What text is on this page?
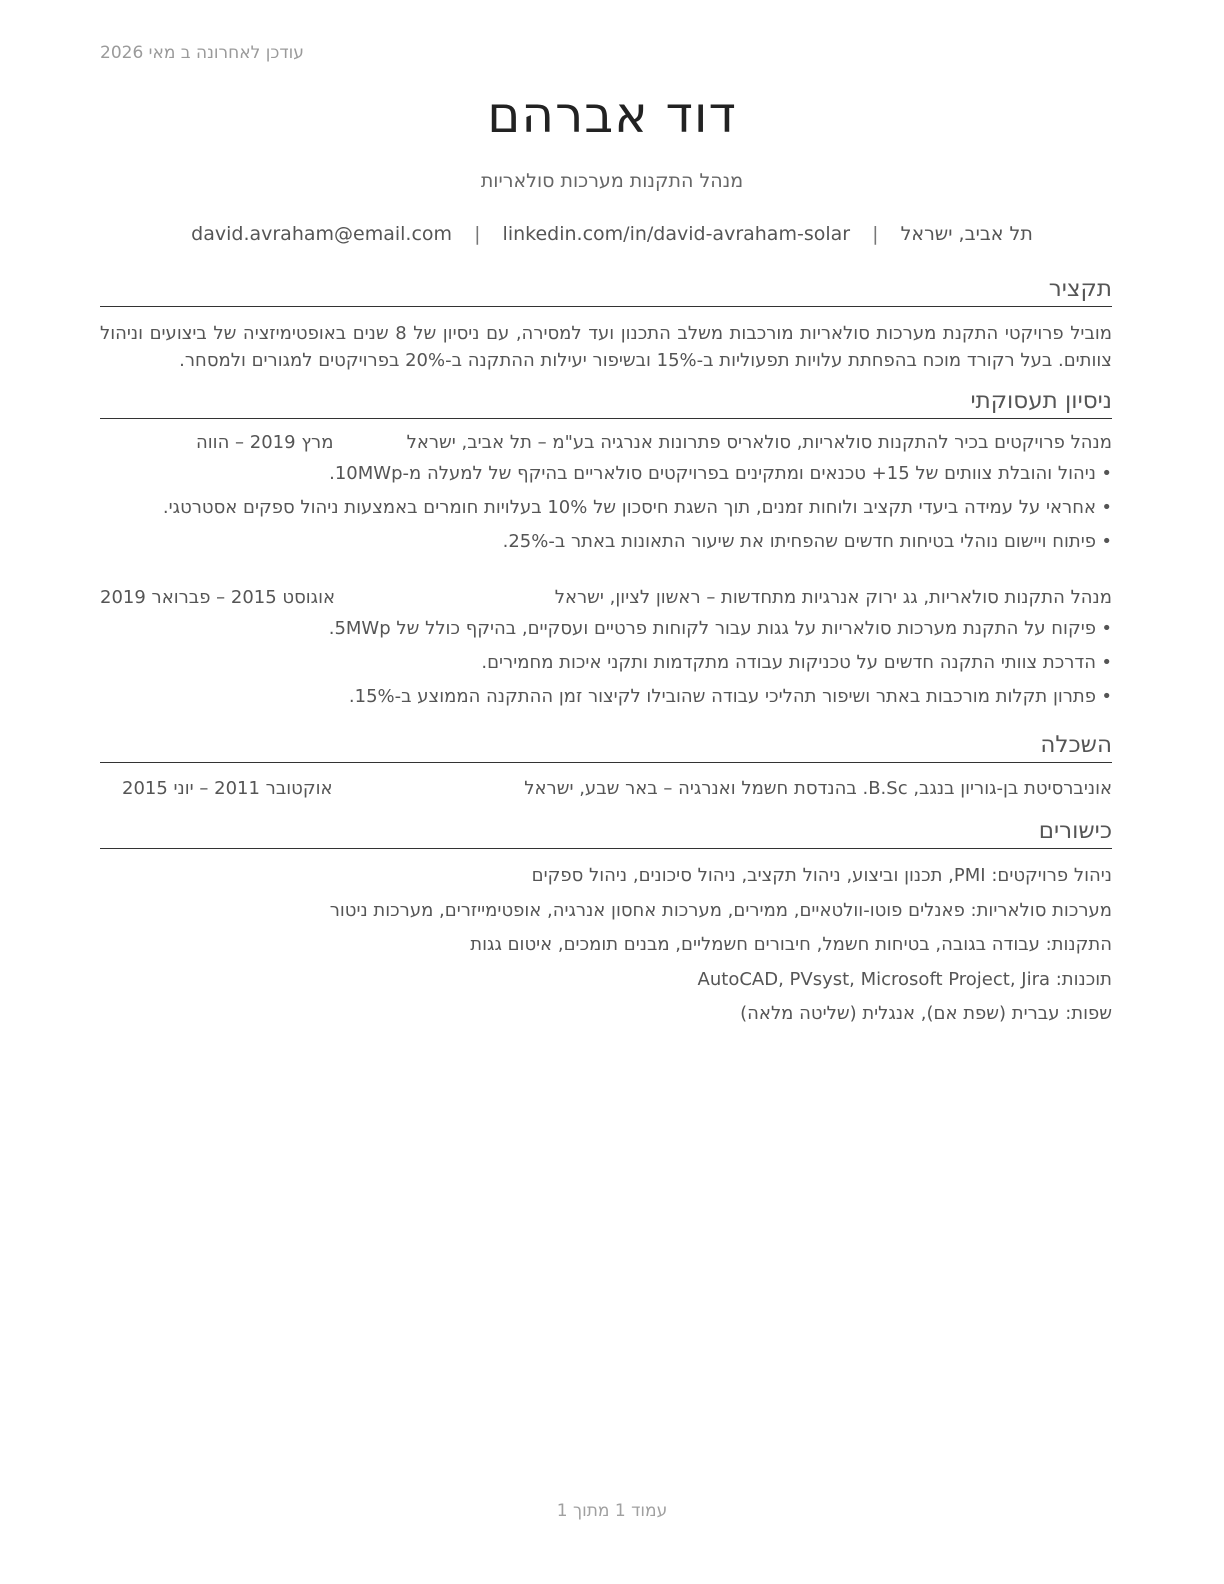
עודכן לאחרונה ב מאי 2026
דוד אברהם
מנהל התקנות מערכות סולאריות
תל אביב, ישראל | david.avraham@email.com | linkedin.com/in/david-avraham-solar
תקציר
מוביל פרויקטי התקנת מערכות סולאריות מורכבות משלב התכנון ועד למסירה, עם ניסיון של 8 שנים באופטימיזציה של ביצועים וניהול צוותים. בעל רקורד מוכח בהפחתת עלויות תפעוליות ב-15% ובשיפור יעילות ההתקנה ב-20% בפרויקטים למגורים ולמסחר.
ניסיון תעסוקתי
מנהל פרויקטים בכיר להתקנות סולאריות, סולאריס פתרונות אנרגיה בע"מ – תל אביב, ישראל
מרץ 2019 – הווה
• ניהול והובלת צוותים של 15+ טכנאים ומתקינים בפרויקטים סולאריים בהיקף של למעלה מ-10MWp.
• אחראי על עמידה ביעדי תקציב ולוחות זמנים, תוך השגת חיסכון של 10% בעלויות חומרים באמצעות ניהול ספקים אסטרטגי.
• פיתוח ויישום נוהלי בטיחות חדשים שהפחיתו את שיעור התאונות באתר ב-25%.
מנהל התקנות סולאריות, גג ירוק אנרגיות מתחדשות – ראשון לציון, ישראל
אוגוסט 2015 – פברואר 2019
• פיקוח על התקנת מערכות סולאריות על גגות עבור לקוחות פרטיים ועסקיים, בהיקף כולל של 5MWp.
• הדרכת צוותי התקנה חדשים על טכניקות עבודה מתקדמות ותקני איכות מחמירים.
• פתרון תקלות מורכבות באתר ושיפור תהליכי עבודה שהובילו לקיצור זמן ההתקנה הממוצע ב-15%.
השכלה
אוניברסיטת בן-גוריון בנגב, B.Sc. בהנדסת חשמל ואנרגיה – באר שבע, ישראל
אוקטובר 2011 – יוני 2015
כישורים
ניהול פרויקטים: PMI, תכנון וביצוע, ניהול תקציב, ניהול סיכונים, ניהול ספקים
מערכות סולאריות: פאנלים פוטו-וולטאיים, ממירים, מערכות אחסון אנרגיה, אופטימייזרים, מערכות ניטור
התקנות: עבודה בגובה, בטיחות חשמל, חיבורים חשמליים, מבנים תומכים, איטום גגות
תוכנות: AutoCAD, PVsyst, Microsoft Project, Jira
שפות: עברית (שפת אם), אנגלית (שליטה מלאה)
עמוד 1 מתוך 1
